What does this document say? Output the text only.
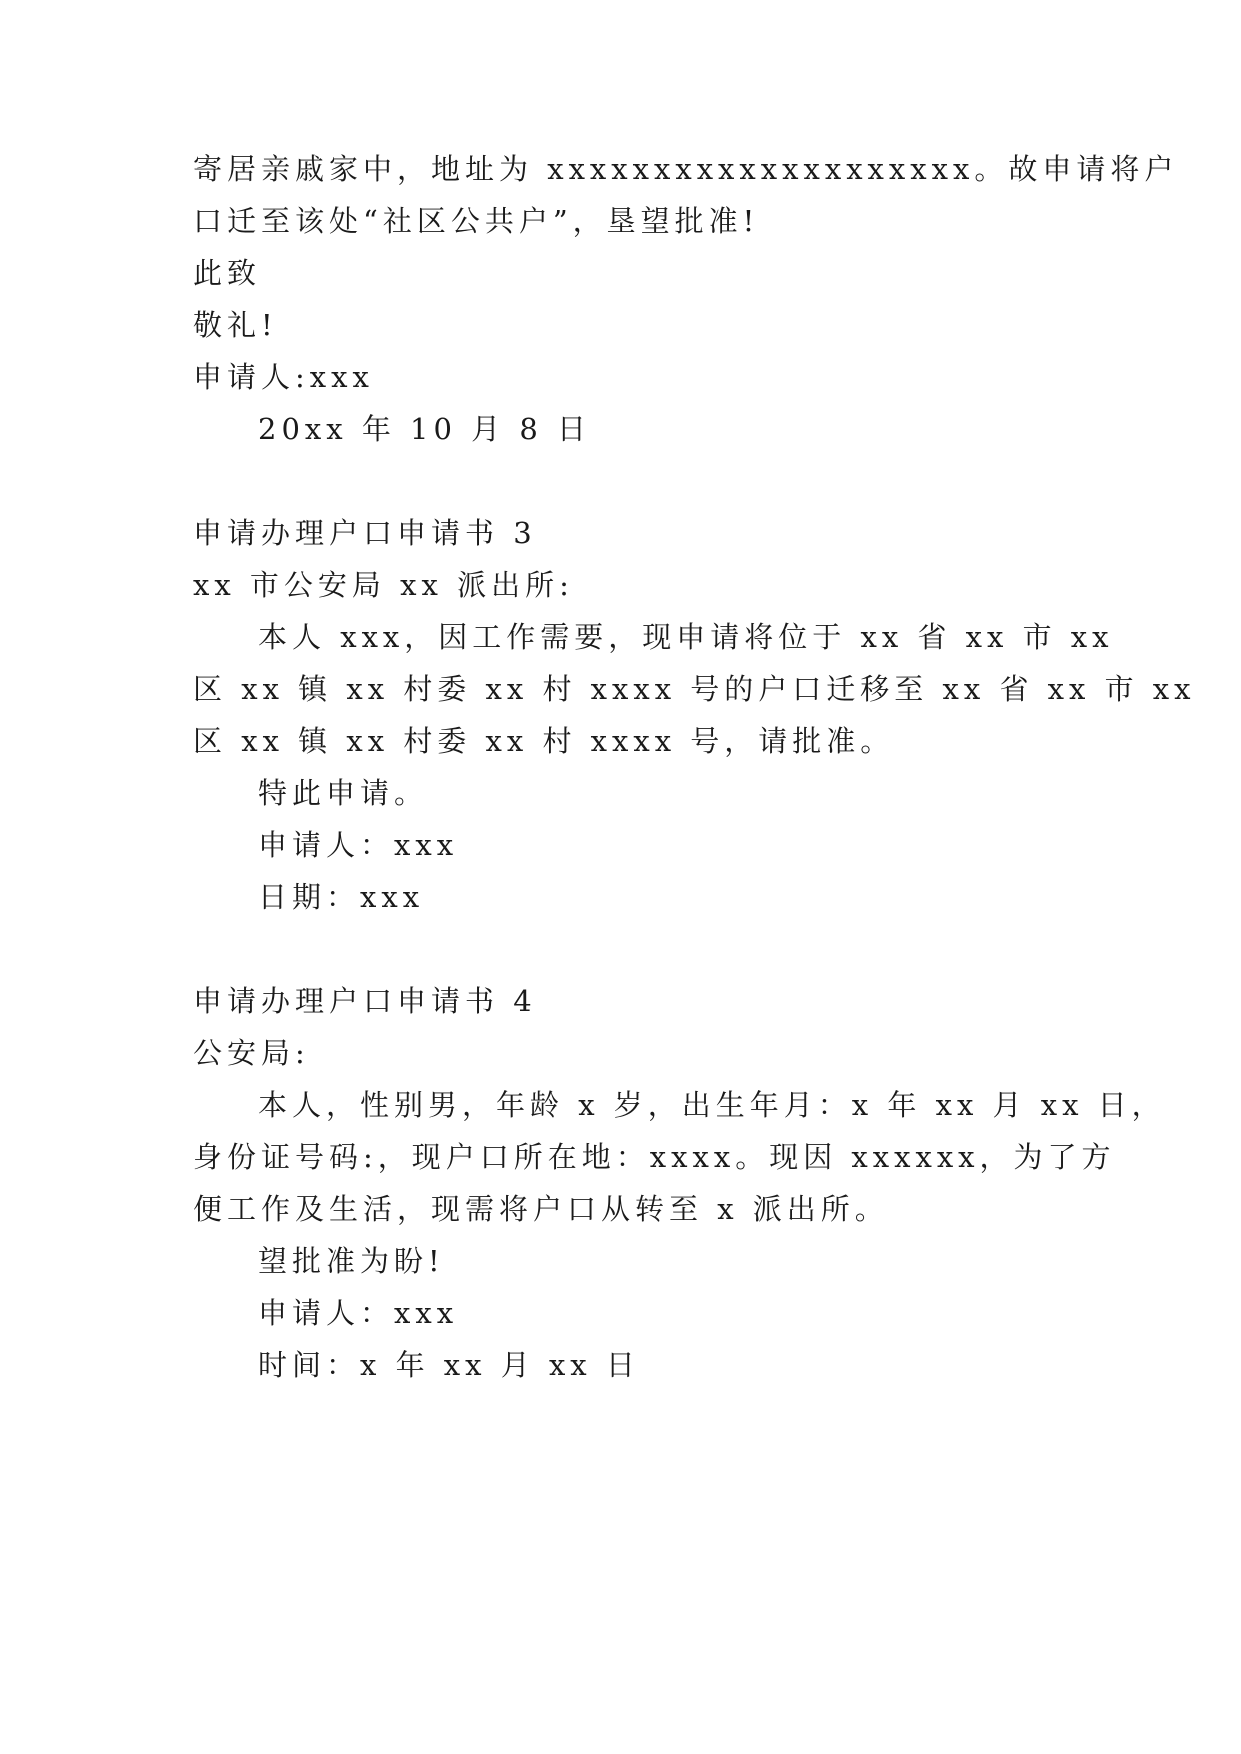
寄居亲戚家中，地址为 xxxxxxxxxxxxxxxxxxxx。故申请将户
口迁至该处“社区公共户”，垦望批准!
此致
敬礼!
申请人:xxx
20xx 年 10 月 8 日
申请办理户口申请书 3
xx 市公安局 xx 派出所:
本人 xxx，因工作需要，现申请将位于 xx 省 xx 市 xx
区 xx 镇 xx 村委 xx 村 xxxx 号的户口迁移至 xx 省 xx 市 xx
区 xx 镇 xx 村委 xx 村 xxxx 号，请批准。
特此申请。
申请人：xxx
日期：xxx
申请办理户口申请书 4
公安局:
本人，性别男，年龄 x 岁，出生年月：x 年 xx 月 xx 日，
身份证号码:，现户口所在地：xxxx。现因 xxxxxx，为了方
便工作及生活，现需将户口从转至 x 派出所。
望批准为盼!
申请人：xxx
时间：x 年 xx 月 xx 日
